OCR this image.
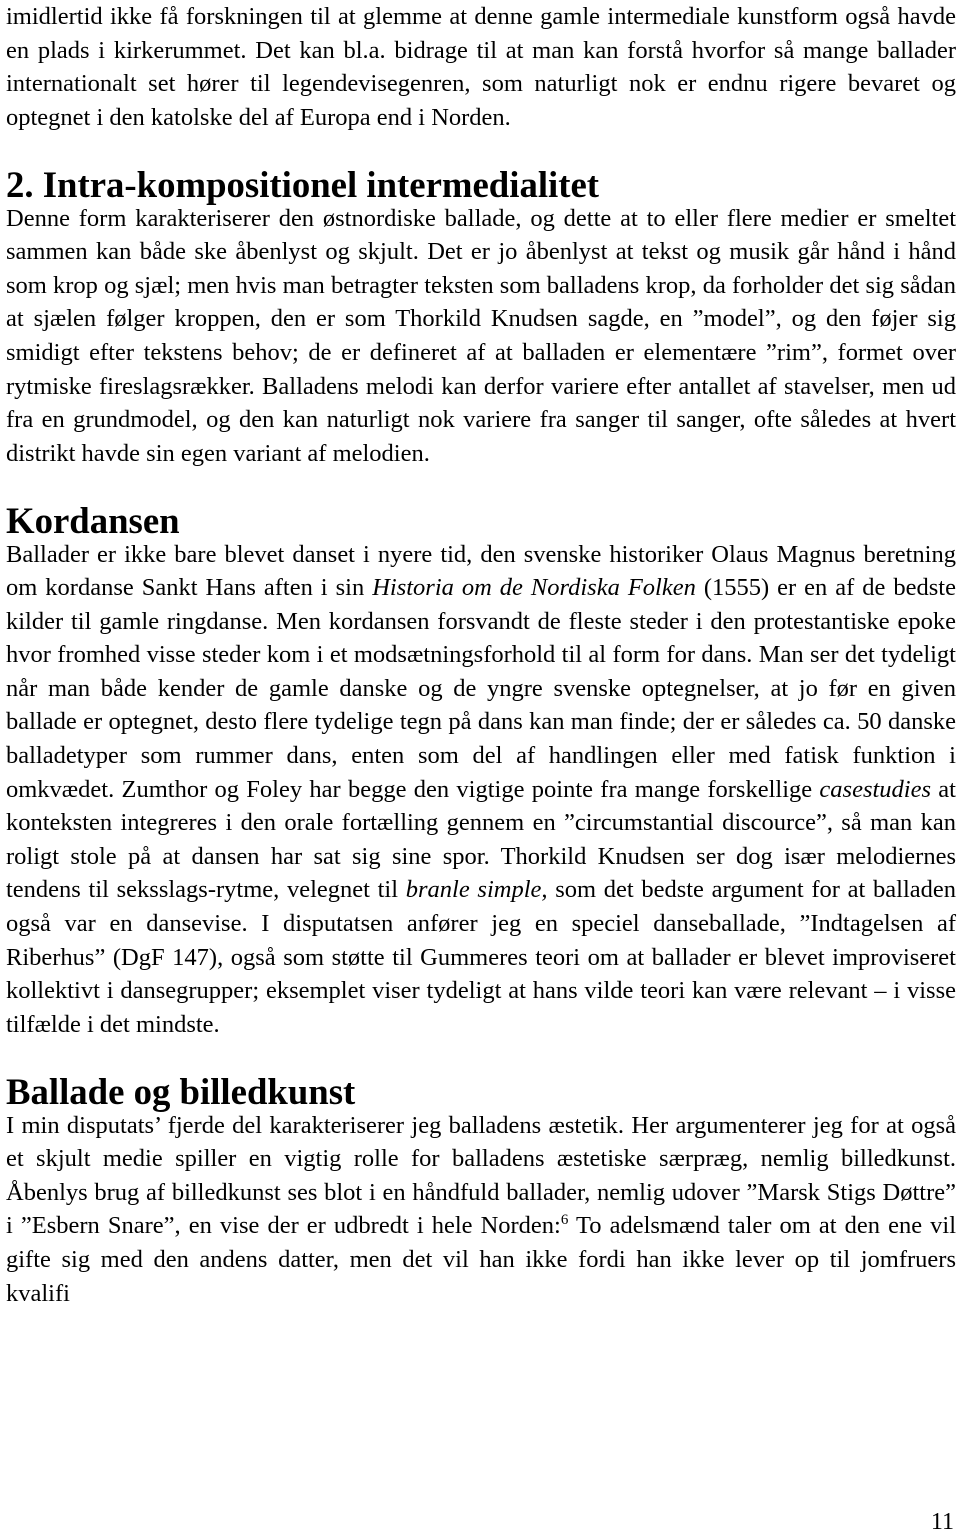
imidlertid ikke få forskningen til at glemme at denne gamle intermediale kunstform også havde en plads i kirkerummet. Det kan bl.a. bidrage til at man kan forstå hvorfor så mange ballader internationalt set hører til legendevisegenren, som naturligt nok er endnu rigere bevaret og optegnet i den katolske del af Europa end i Norden.

2. Intra-kompositionel intermedialitet

Denne form karakteriserer den østnordiske ballade, og dette at to eller flere medier er smeltet sammen kan både ske åbenlyst og skjult. Det er jo åbenlyst at tekst og musik går hånd i hånd som krop og sjæl; men hvis man betragter teksten som balladens krop, da forholder det sig sådan at sjælen følger kroppen, den er som Thorkild Knudsen sagde, en ”model”, og den føjer sig smidigt efter tekstens behov; de er defineret af at balladen er elementære ”rim”, formet over rytmiske fireslagsrækker. Balladens melodi kan derfor variere efter antallet af stavelser, men ud fra en grundmodel, og den kan naturligt nok variere fra sanger til sanger, ofte således at hvert distrikt havde sin egen variant af melodien.

Kordansen

Ballader er ikke bare blevet danset i nyere tid, den svenske historiker Olaus Magnus beretning om kordanse Sankt Hans aften i sin Historia om de Nordiska Folken (1555) er en af de bedste kilder til gamle ringdanse. Men kordansen forsvandt de fleste steder i den protestantiske epoke hvor fromhed visse steder kom i et modsætningsforhold til al form for dans. Man ser det tydeligt når man både kender de gamle danske og de yngre svenske optegnelser, at jo før en given ballade er optegnet, desto flere tydelige tegn på dans kan man finde; der er således ca. 50 danske balladetyper som rummer dans, enten som del af handlingen eller med fatisk funktion i omkvædet. Zumthor og Foley har begge den vigtige pointe fra mange forskellige casestudies at konteksten integreres i den orale fortælling gennem en ”circumstantial discource”, så man kan roligt stole på at dansen har sat sig sine spor. Thorkild Knudsen ser dog især melodiernes tendens til seksslags-rytme, velegnet til branle simple, som det bedste argument for at balladen også var en dansevise. I disputatsen anfører jeg en speciel danseballade, ”Indtagelsen af Riberhus” (DgF 147), også som støtte til Gummeres teori om at ballader er blevet improviseret kollektivt i dansegrupper; eksemplet viser tydeligt at hans vilde teori kan være relevant – i visse tilfælde i det mindste.

Ballade og billedkunst

I min disputats’ fjerde del karakteriserer jeg balladens æstetik. Her argumenterer jeg for at også et skjult medie spiller en vigtig rolle for balladens æstetiske særpræg, nemlig billedkunst. Åbenlys brug af billedkunst ses blot i en håndfuld ballader, nemlig udover ”Marsk Stigs Døttre” i ”Esbern Snare”, en vise der er udbredt i hele Norden:$^6$ To adelsmænd taler om at den ene vil gifte sig med den andens datter, men det vil han ikke fordi han ikke lever op til jomfruers kvalifi

11
